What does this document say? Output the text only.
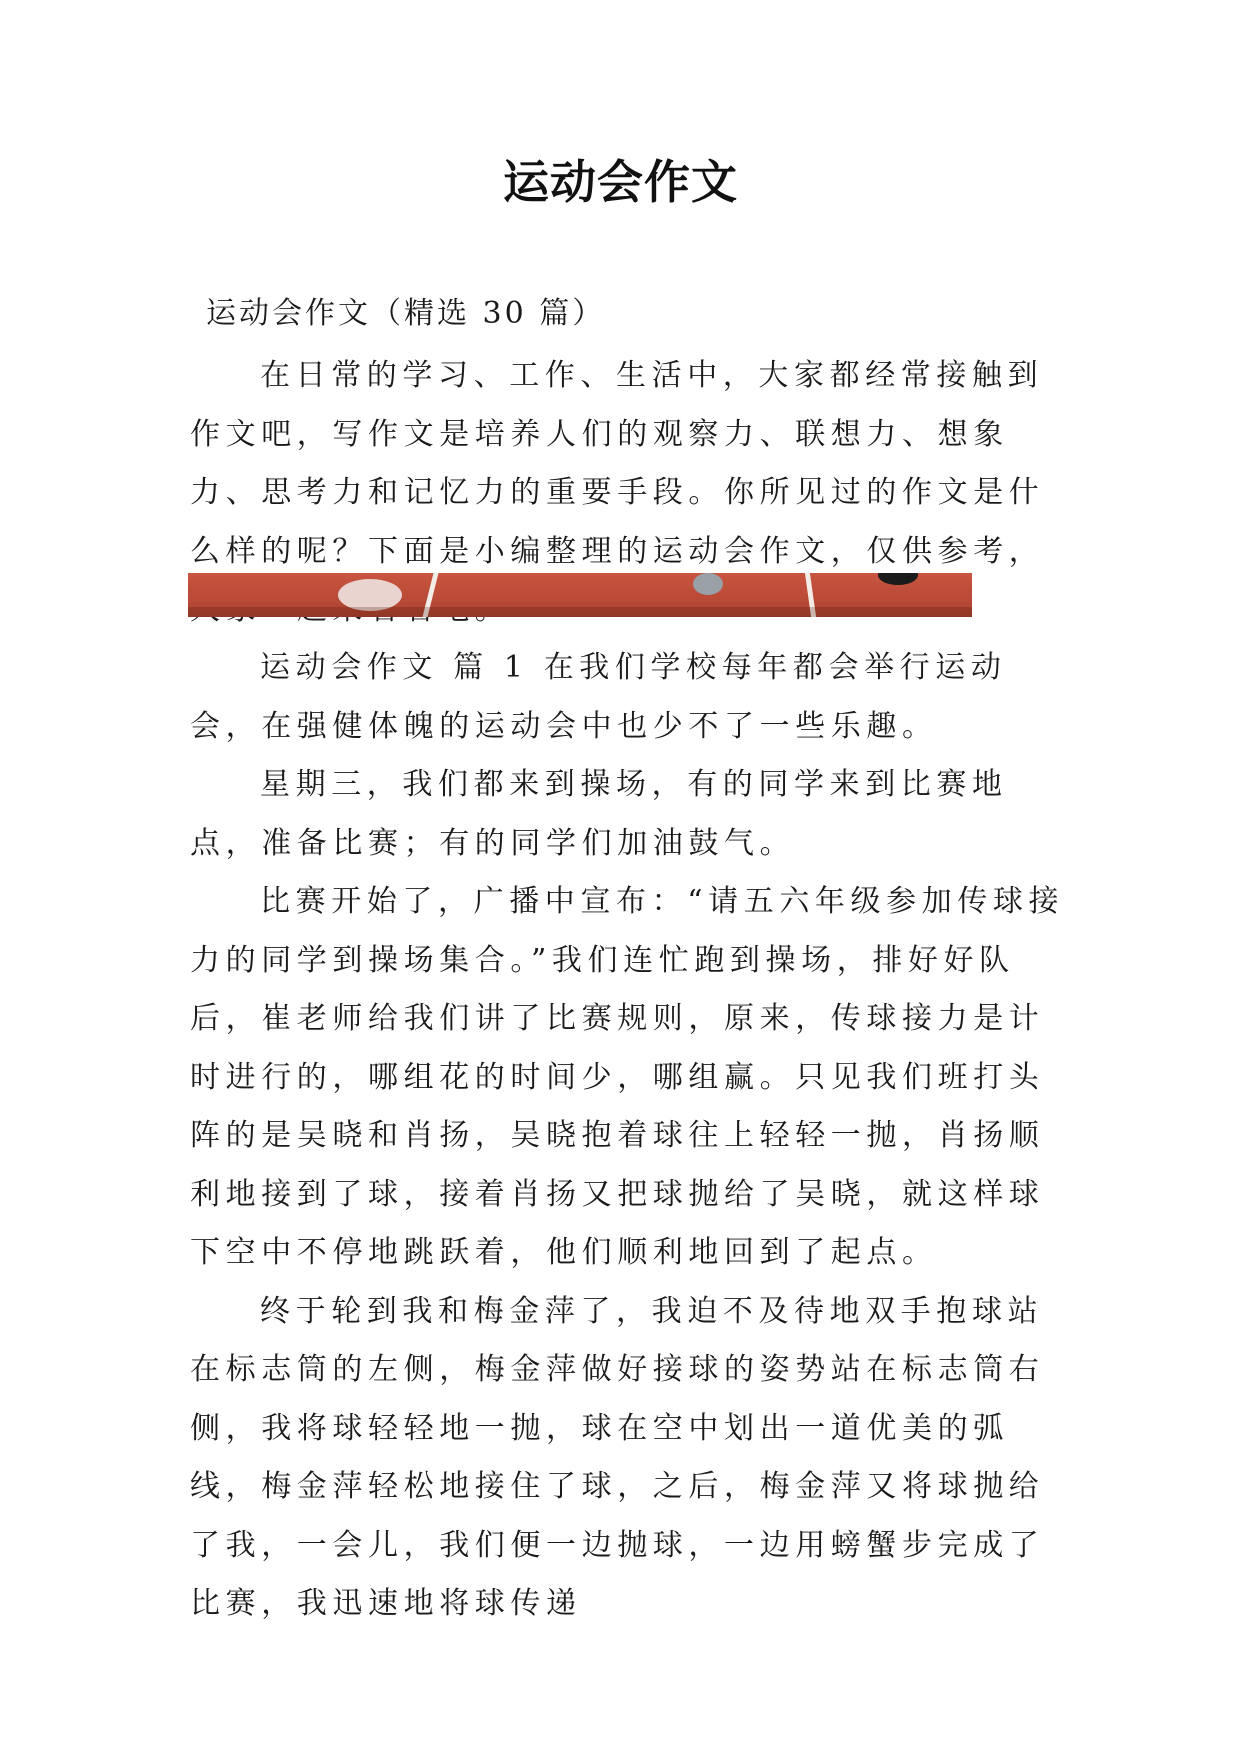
运动会作文
运动会作文（精选 30 篇）

在日常的学习、工作、生活中，大家都经常接触到作文吧，写作文是培养人们的观察力、联想力、想象力、思考力和记忆力的重要手段。你所见过的作文是什么样的呢？下面是小编整理的运动会作文，仅供参考，

运动会作文 篇 1 在我们学校每年都会举行运动会，在强健体魄的运动会中也少不了一些乐趣。

星期三，我们都来到操场，有的同学来到比赛地点，准备比赛；有的同学们加油鼓气。

比赛开始了，广播中宣布：“请五六年级参加传球接力的同学到操场集合。”我们连忙跑到操场，排好好队后，崔老师给我们讲了比赛规则，原来，传球接力是计时进行的，哪组花的时间少，哪组赢。只见我们班打头阵的是吴晓和肖扬，吴晓抱着球往上轻轻一抛，肖扬顺利地接到了球，接着肖扬又把球抛给了吴晓，就这样球下空中不停地跳跃着，他们顺利地回到了起点。

终于轮到我和梅金萍了，我迫不及待地双手抱球站在标志筒的左侧，梅金萍做好接球的姿势站在标志筒右侧，我将球轻轻地一抛，球在空中划出一道优美的弧线，梅金萍轻松地接住了球，之后，梅金萍又将球抛给了我，一会儿，我们便一边抛球，一边用螃蟹步完成了比赛，我迅速地将球传递
